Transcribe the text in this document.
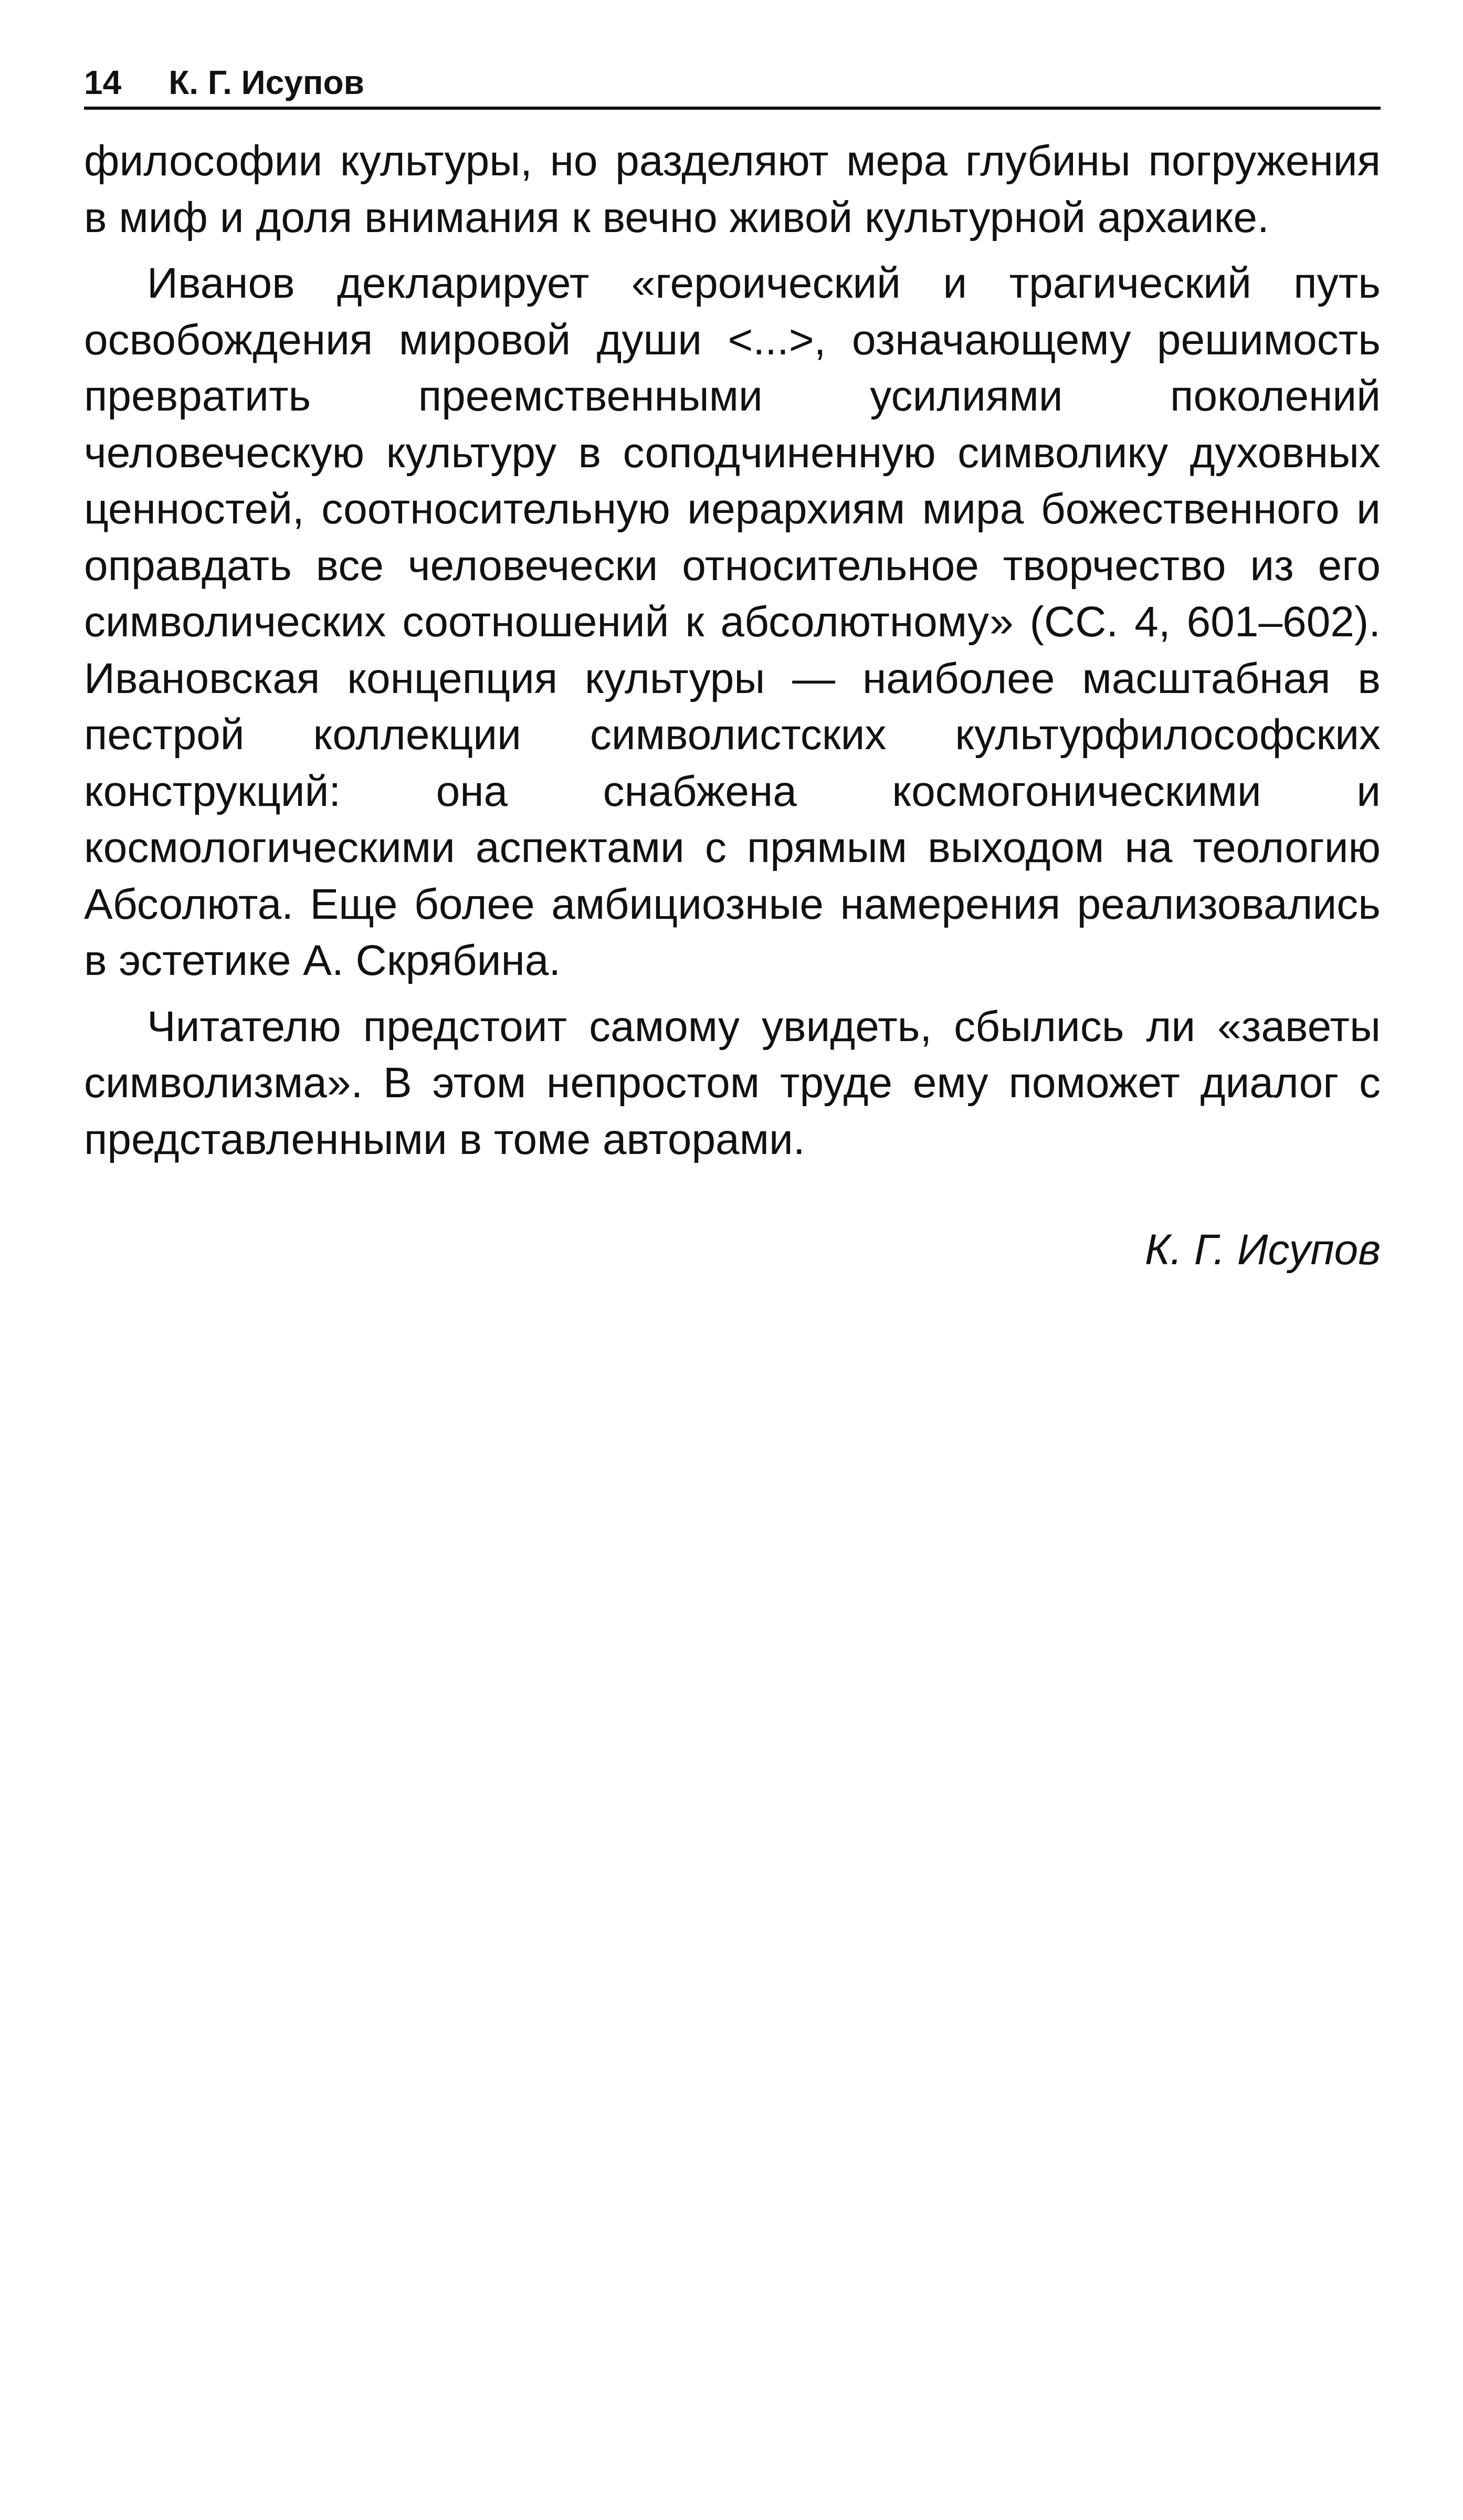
14 К. Г. Исупов

философии культуры, но разделяют мера глубины погружения в миф и доля внимания к вечно живой культурной архаике.

Иванов декларирует «героический и трагический путь освобождения мировой души <...>, означающему решимость превратить преемственными усилиями поколений человеческую культуру в соподчиненную символику духовных ценностей, соотносительную иерархиям мира божественного и оправдать все человечески относительное творчество из его символических соотношений к абсолютному» (СС. 4, 601–602). Ивановская концепция культуры — наиболее масштабная в пестрой коллекции символистских культурфилософских конструкций: она снабжена космогоническими и космологическими аспектами с прямым выходом на теологию Абсолюта. Еще более амбициозные намерения реализовались в эстетике А. Скрябина.

Читателю предстоит самому увидеть, сбылись ли «заветы символизма». В этом непростом труде ему поможет диалог с представленными в томе авторами.

К. Г. Исупов
